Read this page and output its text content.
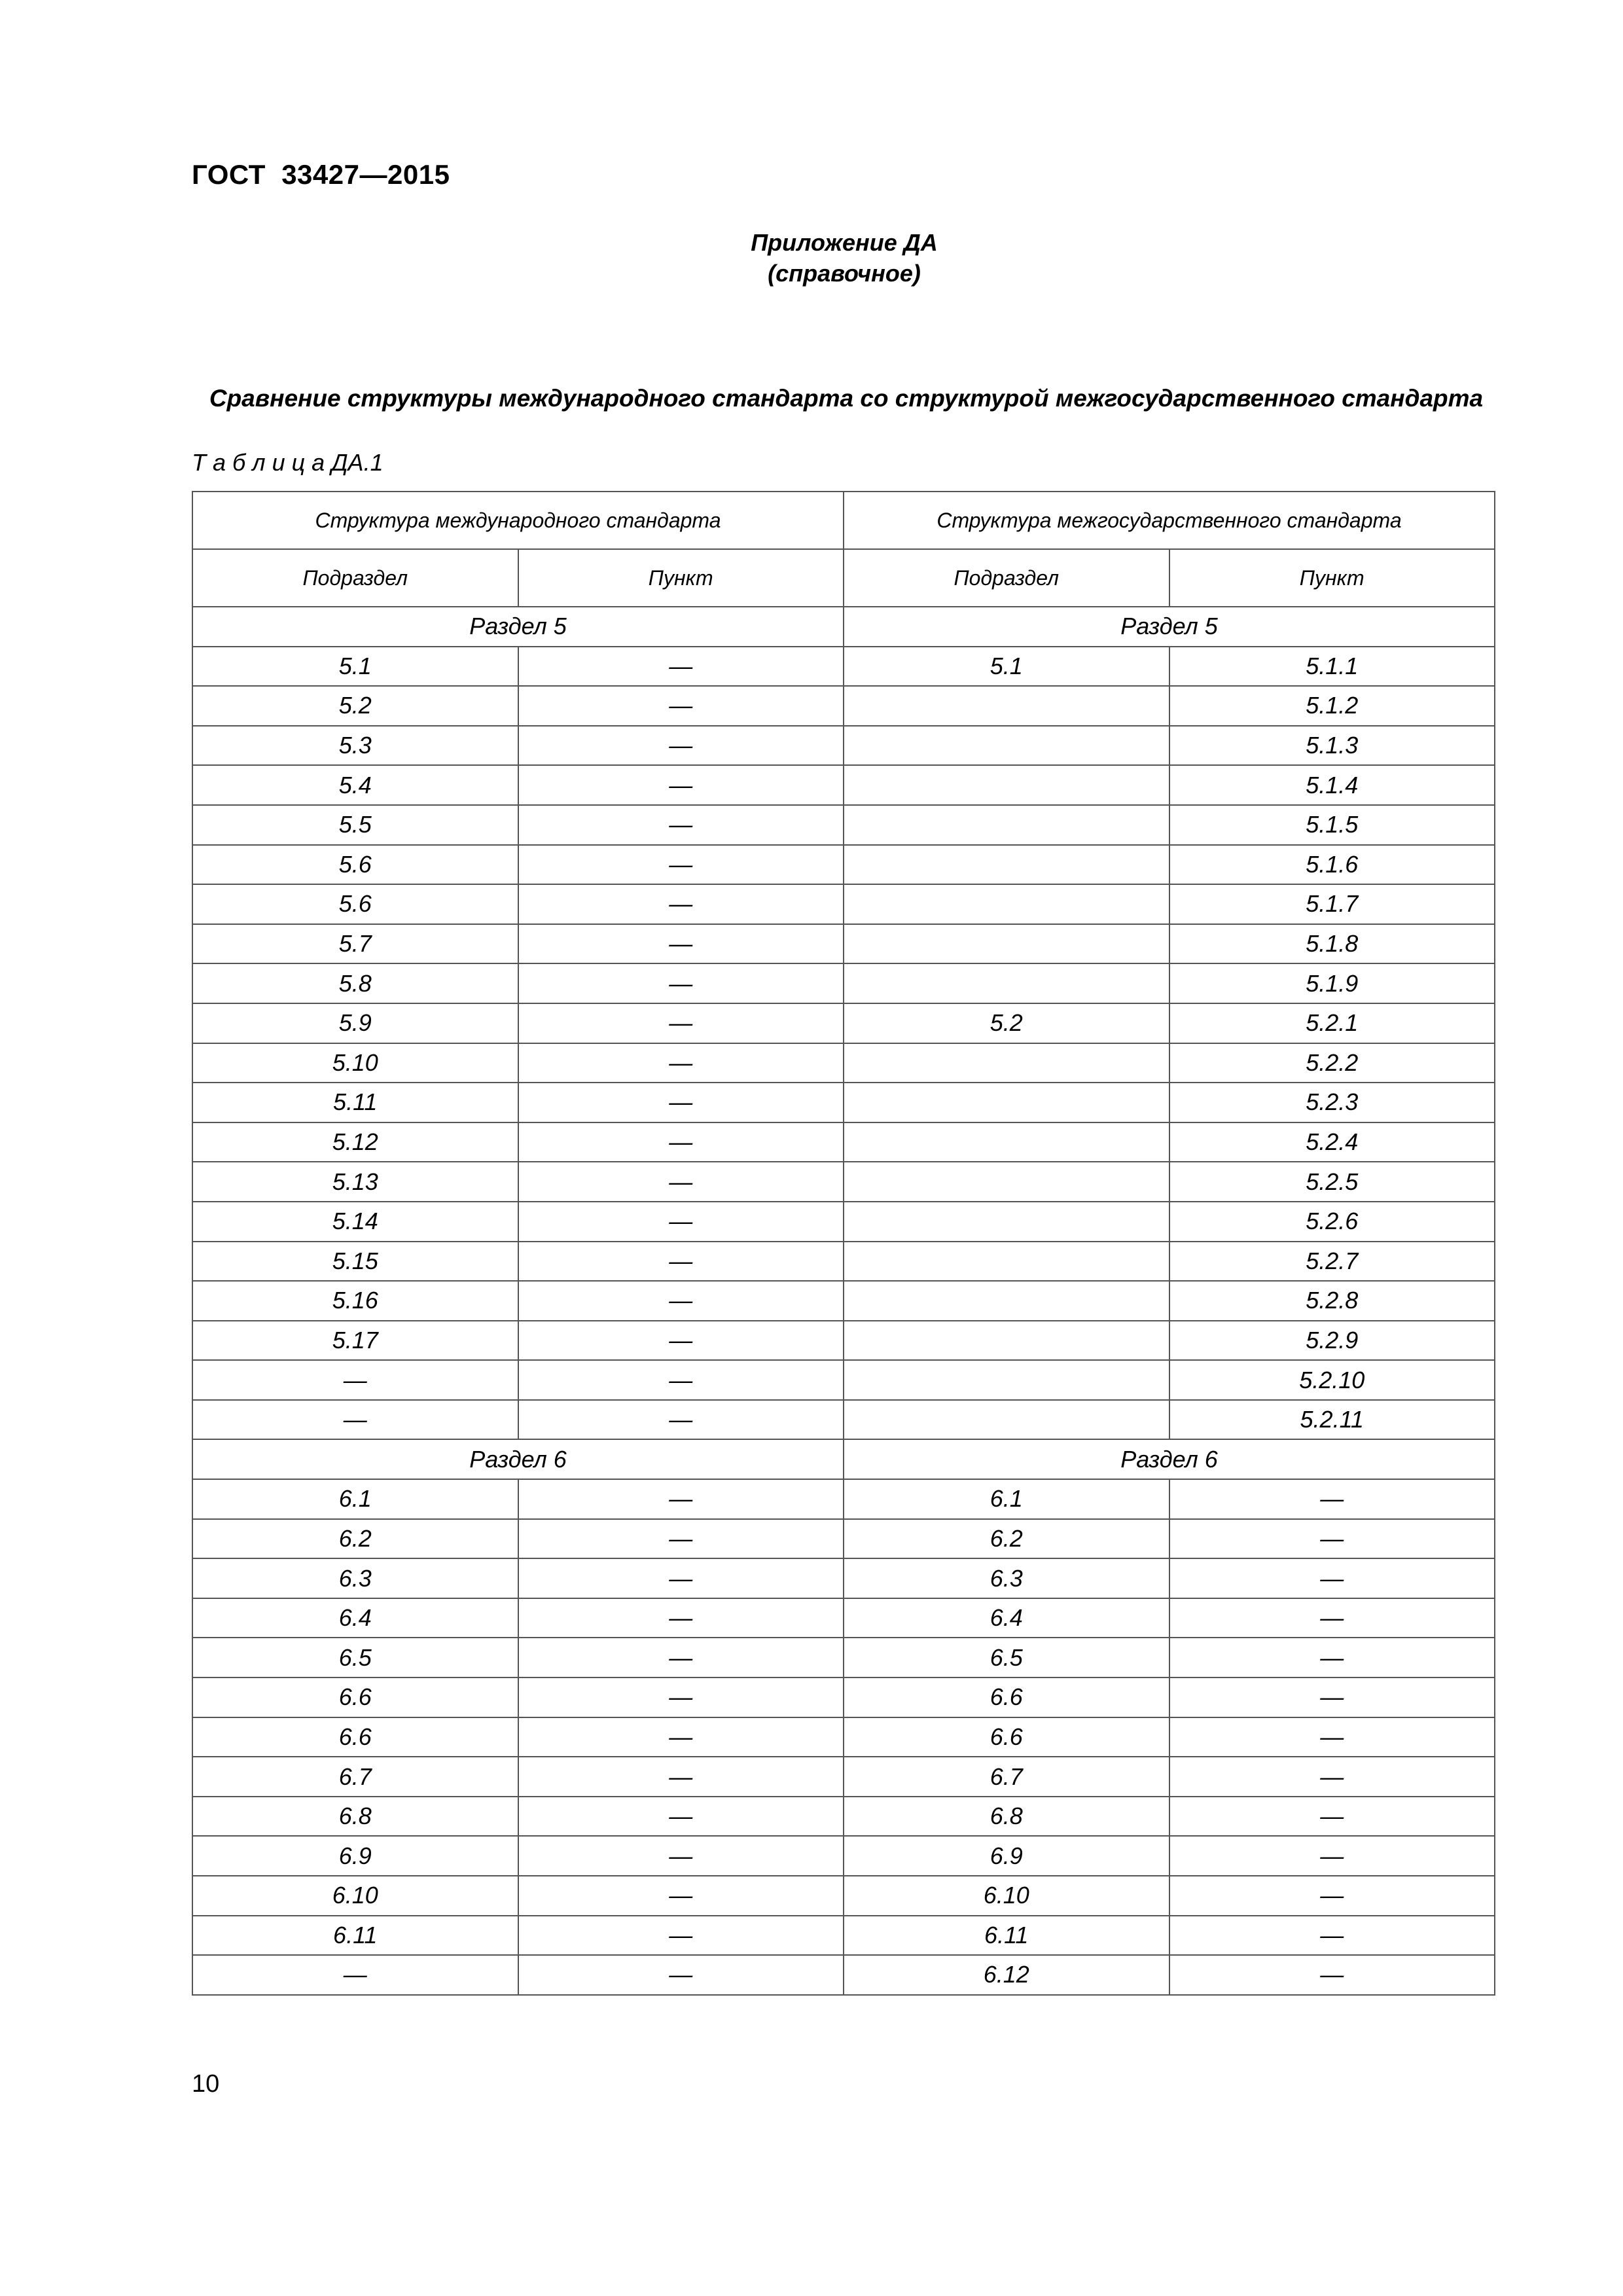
ГОСТ  33427—2015
Приложение ДА
(справочное)
Сравнение структуры международного стандарта со структурой межгосударственного стандарта
Т а б л и ц а ДА.1
Структура международного стандарта		Структура межгосударственного стандарта	
Подраздел	Пункт	Подраздел	Пункт
Раздел 5		Раздел 5	
5.1	—	5.1	5.1.1
5.2	—		5.1.2
5.3	—		5.1.3
5.4	—		5.1.4
5.5	—		5.1.5
5.6	—		5.1.6
5.6	—		5.1.7
5.7	—		5.1.8
5.8	—		5.1.9
5.9	—	5.2	5.2.1
5.10	—		5.2.2
5.11	—		5.2.3
5.12	—		5.2.4
5.13	—		5.2.5
5.14	—		5.2.6
5.15	—		5.2.7
5.16	—		5.2.8
5.17	—		5.2.9
—	—		5.2.10
—	—		5.2.11
Раздел 6		Раздел 6	
6.1	—	6.1	—
6.2	—	6.2	—
6.3	—	6.3	—
6.4	—	6.4	—
6.5	—	6.5	—
6.6	—	6.6	—
6.6	—	6.6	—
6.7	—	6.7	—
6.8	—	6.8	—
6.9	—	6.9	—
6.10	—	6.10	—
6.11	—	6.11	—
—	—	6.12	—
10
